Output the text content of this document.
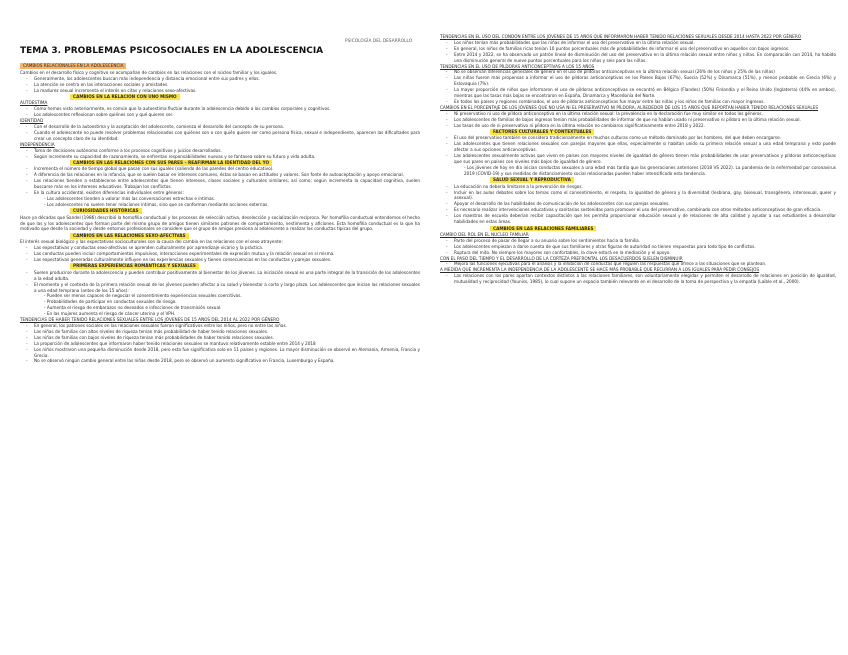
PSICOLOGÍA DEL DESARROLLO
TEMA 3. PROBLEMAS PSICOSOCIALES EN LA ADOLESCENCIA
CAMBIOS RELACIONALES EN LA ADOLESCENCIA
Cambios en el desarrollo físico y cognitivo se acompañan de cambios en las relaciones con el núcleo familiar y los iguales.
- Generalmente, los adolescentes buscan más independencia y distancia emocional entre sus padres y ellos.
- La atención se centra en las interacciones sociales y amistades.
- La madurez sexual incrementa el interés en citas y relaciones sexo-afectivas.
CAMBIOS EN LA RELACIÓN CON UNO MISMO
AUTOESTIMA
- Como hemos visto anteriormente, es común que la autoestima fluctúe durante la adolescencia debido a los cambios corporales y cognitivos.
- Los adolescentes reflexionan sobre quiénes son y qué quieren ser.
IDENTIDAD
- Con el desarrollo de la autoestima y la aceptación del adolescente, comienza el desarrollo del concepto de su persona.
- Cuando el adolescente no puede resolver problemas relacionados con quiénes son o con quién quiere ser como persona física, sexual e independiente, aparecen las dificultades para crear un concepto claro de su identidad.
INDEPENDENCIA
- Toma de decisiones autónoma conforme a los procesos cognitivos y juicios desarrollados.
- Según incremente su capacidad de razonamiento, se enfrentan responsabilidades nuevas y se fantasea sobre su futuro y vida adulta.
CAMBIOS EN LAS RELACIONES CON SUS PARES – REAFIRMAN LA IDENTIDAD DEL YO
- Incrementa el número de tiempo global que pasan con sus iguales (saliendo de las paredes del centro educativo).
- A diferencia de las relaciones en la infancia, que se suelen basar en intereses comunes, éstas se basan en actitudes y valores. Son fonte de autoaceptación y apoyo emocional.
- Las relaciones tienden a establecerse entre adolescentes que tienen intereses, clases sociales y culturales similares, así como; según incrementa la capacidad cognitiva, suelen buscarse más en los intereses educativos. Trabajan los conflictos.
- En la cultura occidental, existen diferencias individuales entre géneros:
- Las adolescentes tienden a valorar más las conversaciones estrechas e íntimas.
- Los adolescentes no suelen tener relaciones íntimas, sino que se conforman mediante acciones externas.
CURIOSIDADES HISTÓRICAS
Hace ya décadas que Sandel (1986) describió la homofilia conductual y los procesos de selección activa, deselección y socialización recíproca. Por homofilia conductual entendemos el hecho de que las y los adolescentes que forman parte del mismo grupo de amigos tienen similares patrones de comportamiento, vestimenta y aficiones. Esta homofilia conductual es la que ha motivado que desde la sociedad y desde entornos profesionales se considere que el grupo de amigos presiona al adolescente a realizar las conductas típicas del grupo.
CAMBIOS EN LAS RELACIONES SEXO-AFECTIVAS
El interés sexual biológico y las expectativas socioculturales son la causa del cambio en las relaciones con el sexo atrayente:
- Las expectativas y conductas sexo-afectivas se aprenden culturalmente por aprendizaje vicario y la práctica.
- Las conductas pueden incluir comportamientos impulsivos, interacciones experimentales de expresión mutua y la relación sexual en sí misma.
- Las expectativas generadas culturalmente influyen en las experiencias sexuales y tienen consecuencias en las conductas y parejas sexuales.
PRIMERAS EXPERIENCIAS ROMÁNTICAS Y SEXUALES
- Suelen producirse durante la adolescencia y pueden contribuir positivamente al bienestar de los jóvenes. La iniciación sexual es una parte integral de la transición de los adolescentes a la edad adulta.
- El momento y el contexto de la primera relación sexual de los jóvenes pueden afectar a su salud y bienestar a corto y largo plazo. Los adolescentes que inician las relaciones sexuales a una edad temprana (antes de los 15 años):
- Pueden ser menos capaces de negociar el consentimiento experiencias sexuales coercitivas.
- Probabilidades de participar en conductas sexuales de riesgo.
- Aumenta el riesgo de embarazos no deseados e infecciones de transmisión sexual.
- En las mujeres aumenta el riesgo de cáncer uterino y el VPH.
TENDENCIAS DE HABER TENIDO RELACIONES SEXUALES ENTRE LOS JÓVENES DE 15 AÑOS DEL 2014 AL 2022 POR GÉNERO
- En general, los patrones sociales en las relaciones sexuales fueron significativos entre los niños, pero no entre las niñas.
- Las niñas de familias con altos niveles de riqueza tenían más probabilidad de haber tenido relaciones sexuales.
- Las niñas de familias con bajos niveles de riqueza tenían más probabilidades de haber tenido relaciones sexuales.
- La proporción de adolescentes que informaron haber tenido relaciones sexuales se mantuvo relativamente estable entre 2014 y 2018
- Los niños mostraron una pequeña disminución desde 2018, pero esta fue significativa solo en 11 países y regiones. La mayor disminución se observó en Alemania, Armenia, Francia y Grecia.
- No se observó ningún cambio general entre las niñas desde 2018, pero se observó un aumento significativo en Francia, Luxemburgo y España.
TENDENCIAS EN EL USO DEL CONDÓN ENTRE LOS JÓVENES DE 15 AÑOS QUE INFORMARON HABER TENIDO RELACIONES SEXUALES DESDE 2014 HASTA 2022 POR GÉNERO
- Los niños tenían más probabilidades que las niñas de informar el uso del preservativo en la última relación sexual.
- En general, los niños de familias ricas tenían 10 puntos porcentuales más de probabilidades de informar el uso del preservativo en aquellos con bajos ingresos.
- Entre 2014 y 2022, se ha observado un patrón lineal de disminución del uso del preservativo en la última relación sexual entre niños y niñas. En comparación con 2014, ha habido una disminución general de nueve puntos porcentuales para los niños y seis para las niñas.
TENDENCIAS EN EL USO DE PÍLDORAS ANTICONCEPTIVAS A LOS 15 AÑOS
- No se observan diferencias generales de género en el uso de píldoras anticonceptivas en la última relación sexual (26% de los niños y 25% de las niñas)
- Las niñas fueron más propensas a informar el uso de píldoras anticonceptivas en los Países Bajos (67%), Suecia (52%) y Dinamarca (51%), y menos probable en Grecia (6%) y Eslovaquia (7%).
- La mayor proporción de niños que informaron el uso de píldoras anticonceptivas se encontró en Bélgica (Flandes) (50%) Finlandia y el Reino Unido (Inglaterra) (44% en ambos), mientras que las tasas más bajas se encontraron en España, Dinamarca y Macedonia del Norte.
- En todos los países y regiones combinados, el uso de píldoras anticonceptivas fue mayor entre las niñas y los niños de familias con mayor ingresos.
CAMBIOS EN EL PORCENTAJE DE LOS JÓVENES QUE NO USA NI EL PRESERVATIVO NI PÍLDORA, ALREDEDOR DE LOS 15 AÑOS QUE REPORTAN HABER TENIDO RELACIONES SEXUALES
- Ni preservativo ni uso de píldora anticonceptiva en la última relación sexual: la prevalencia en la declaración fue muy similar en todos los géneros.
- Los adolescentes de familias de bajos ingresos tenían más probabilidades de informar de que no habían usado ni preservativo ni píldora en la última relación sexual.
- Las tasas de uso de ni preservativo ni píldora en la última relación no cambiaron significativamente entre 2018 y 2022.
FACTORES CULTURALES Y CONTEXTUALES
- El uso del preservativo también se considera tradicionalmente en muchas culturas como un método dominado por los hombres, del que deben encargarse.
- Las adolescentes que tienen relaciones sexuales con parejas mayores que ellas, especialmente si habitan unido su primera relación sexual a una edad temprana y esto puede afectar a sus opciones anticonceptivas.
- Las adolescentes sexualmente activas que viven en países con mayores niveles de igualdad de género tienen más probabilidades de usar preservativos y píldoras anticonceptivas que sus pares en países con niveles más bajos de igualdad de género.
- Los jóvenes de hoy en día inician conductas sexuales a una edad más tardía que las generaciones anteriores (2018 VS 2022). La pandemia de la enfermedad por coronavirus 2019 (COVID-19) y sus medidas de distanciamiento social relacionadas pueden haber intensificado esta tendencia.
SALUD SEXUAL Y REPRODUCTIVA
- La educación no debería limitarse a la prevención de riesgos.
- Incluir en las aulas debates sobre los temas como el consentimiento, el respeto, la igualdad de género y la diversidad (lesbiana, gay, bisexual, transgénero, intersexual, queer y asexual).
- Apoyar el desarrollo de las habilidades de comunicación de los adolescentes con sus parejas sexuales.
- Es necesario realizar intervenciones educativas y sanitarias sostenidas para promover el uso del preservativo, combinado con otros métodos anticonceptivos de gran eficacia.
- Los maestros de escuela deberían recibir capacitación que les permita proporcionar educación sexual y de relaciones de alta calidad y ayudar a sus estudiantes a desarrollar habilidades en estas áreas.
CAMBIOS EN LAS RELACIONES FAMILIARES
CAMBIO DEL ROL EN EL NÚCLEO FAMILIAR
- Parte del proceso de pasar de llegar a su anuario sobre los sentimientos hacia la familia.
- Los adolescentes empiezan a darse cuenta de que sus familiares y otras figuras de autoridad no tienen respuestas para todo tipo de conflictos.
- Ruptura del mito. No siempre los mayores son confortables, la clave estará en la mediación y el apoyo.
CON EL PASO DEL TIEMPO Y EL DESARROLLO DE LA CORTEZA PREFRONTAL LOS DESACUERDOS SUELEN DISMINUIR
- Mejora las funciones ejecutivas para el análisis y la inhibición de conductas que regulen las respuestas que ofrece a las situaciones que se plantean.
A MEDIDA QUE INCREMENTA LA INDEPENDENCIA DE LA ADOLESCENTE SE HACE MÁS PROBABLE QUE RECURRAN A LOS IGUALES PARA PEDIR CONSEJOS
- Las relaciones con los pares aportan contextos distintos a las relaciones familiares, son voluntariamente elegidas y permiten el desarrollo de relaciones en posición de igualdad, mutualidad y reciprocidad (Youniss, 1985), lo cual supone un espacio también relevante en el desarrollo de la toma de perspectiva y la empatía (Laible et al., 2000).
